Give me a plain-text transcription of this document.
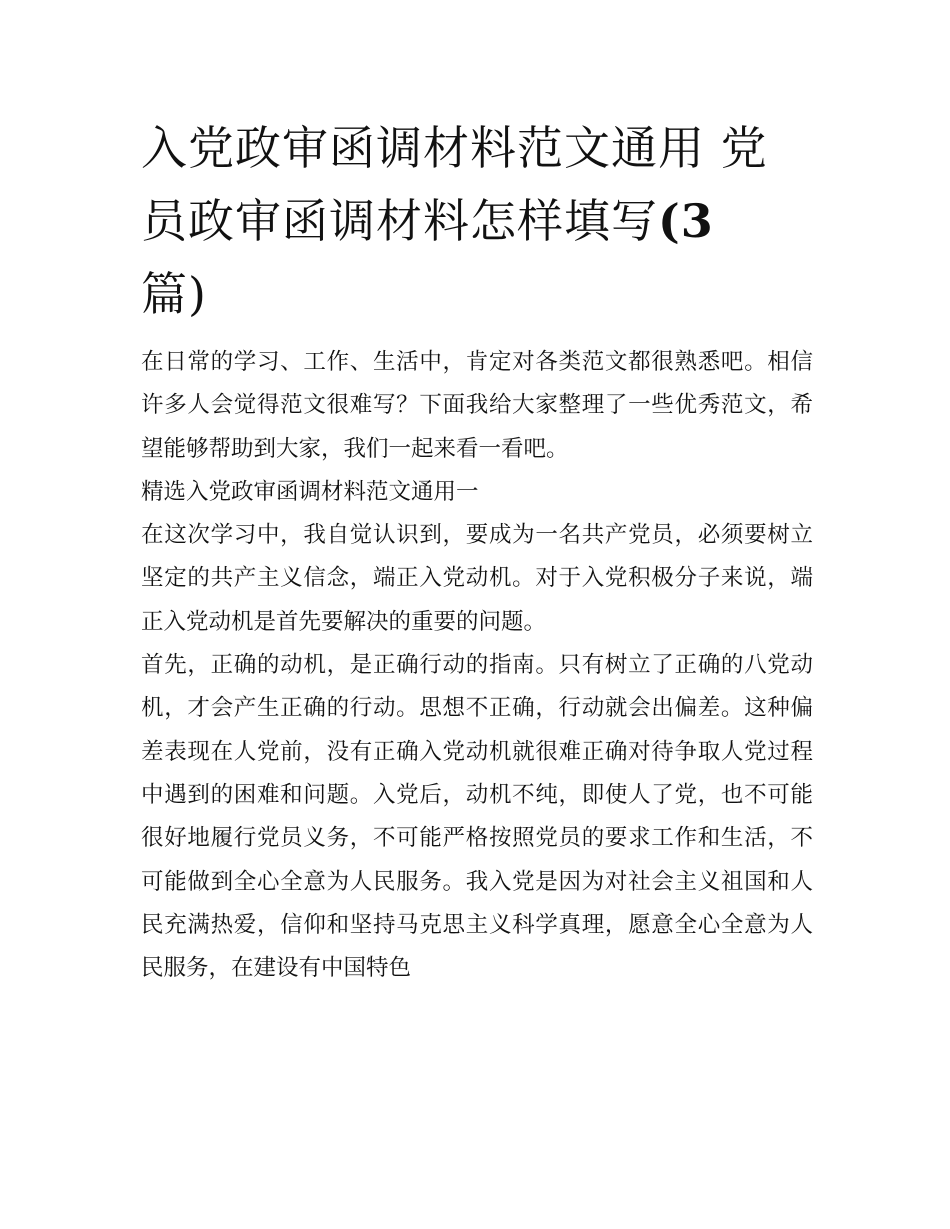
入党政审函调材料范文通用 党员政审函调材料怎样填写(3
篇)

在日常的学习、工作、生活中，肯定对各类范文都很熟悉吧。相信许多人会觉得范文很难写？下面我给大家整理了一些优秀范文，希望能够帮助到大家，我们一起来看一看吧。

精选入党政审函调材料范文通用一

在这次学习中，我自觉认识到，要成为一名共产党员，必须要树立坚定的共产主义信念，端正入党动机。对于入党积极分子来说，端正入党动机是首先要解决的重要的问题。

首先，正确的动机，是正确行动的指南。只有树立了正确的八党动机，才会产生正确的行动。思想不正确，行动就会出偏差。这种偏差表现在人党前，没有正确入党动机就很难正确对待争取人党过程中遇到的困难和问题。入党后，动机不纯，即使人了党，也不可能很好地履行党员义务，不可能严格按照党员的要求工作和生活，不可能做到全心全意为人民服务。我入党是因为对社会主义祖国和人民充满热爱，信仰和坚持马克思主义科学真理，愿意全心全意为人民服务，在建设有中国特色
